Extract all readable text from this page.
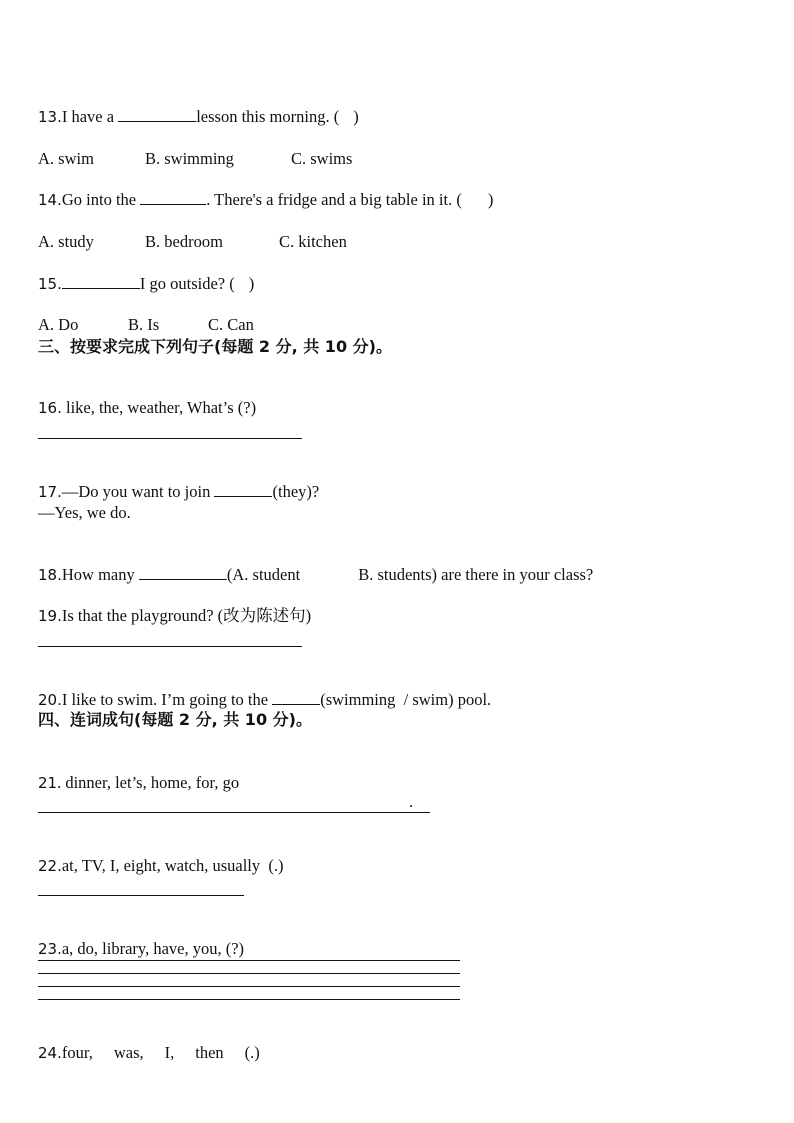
13.I have a	lesson this morning. ( )

A. swim	B. swimming	C. swims

14.Go into the	. There's a fridge and a big table in it. ( )

A. study	B. bedroom	C. kitchen

15.	I go outside? ( )

A. Do	B. Is	C. Can

三、按要求完成下列句子(每题 2 分, 共 10 分)。

16. like, the, weather, What’s (?)

17.—Do you want to join	(they)?

—Yes, we do.

18.How many	(A. student	B. students) are there in your class?

19.Is that the playground? (改为陈述句)

20.I like to swim. I’m going to the	(swimming  / swim) pool.

四、连词成句(每题 2 分, 共 10 分)。

21. dinner, let’s, home, for, go

.

22.at, TV, I, eight, watch, usually  (.)

23.a, do, library, have, you, (?)

24.four, was, I, then (.)
